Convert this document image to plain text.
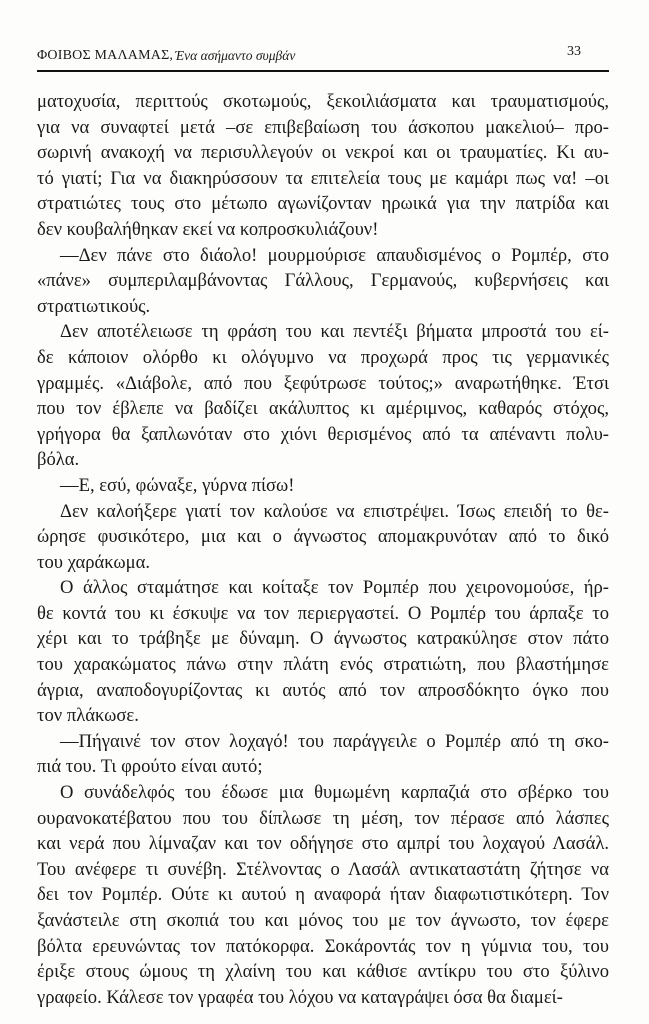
ΦΟΙΒΟΣ ΜΑΛΑΜΑΣ, Ένα ασήμαντο συμβάν	33
ματοχυσία, περιττούς σκοτωμούς, ξεκοιλιάσματα και τραυματισμούς,
για να συναφτεί μετά –σε επιβεβαίωση του άσκοπου μακελιού– προ-
σωρινή ανακοχή να περισυλλεγούν οι νεκροί και οι τραυματίες. Κι αυ-
τό γιατί; Για να διακηρύσσουν τα επιτελεία τους με καμάρι πως να! –οι
στρατιώτες τους στο μέτωπο αγωνίζονταν ηρωικά για την πατρίδα και
δεν κουβαλήθηκαν εκεί να κοπροσκυλιάζουν!
—Δεν πάνε στο διάολο! μουρμούρισε απαυδισμένος ο Ρομπέρ, στο
«πάνε» συμπεριλαμβάνοντας Γάλλους, Γερμανούς, κυβερνήσεις και
στρατιωτικούς.
Δεν αποτέλειωσε τη φράση του και πεντέξι βήματα μπροστά του εί-
δε κάποιον ολόρθο κι ολόγυμνο να προχωρά προς τις γερμανικές
γραμμές. «Διάβολε, από που ξεφύτρωσε τούτος;» αναρωτήθηκε. Έτσι
που τον έβλεπε να βαδίζει ακάλυπτος κι αμέριμνος, καθαρός στόχος,
γρήγορα θα ξαπλωνόταν στο χιόνι θερισμένος από τα απέναντι πολυ-
βόλα.
—Ε, εσύ, φώναξε, γύρνα πίσω!
Δεν καλοήξερε γιατί τον καλούσε να επιστρέψει. Ίσως επειδή το θε-
ώρησε φυσικότερο, μια και ο άγνωστος απομακρυνόταν από το δικό
του χαράκωμα.
Ο άλλος σταμάτησε και κοίταξε τον Ρομπέρ που χειρονομούσε, ήρ-
θε κοντά του κι έσκυψε να τον περιεργαστεί. Ο Ρομπέρ του άρπαξε το
χέρι και το τράβηξε με δύναμη. Ο άγνωστος κατρακύλησε στον πάτο
του χαρακώματος πάνω στην πλάτη ενός στρατιώτη, που βλαστήμησε
άγρια, αναποδογυρίζοντας κι αυτός από τον απροσδόκητο όγκο που
τον πλάκωσε.
—Πήγαινέ τον στον λοχαγό! του παράγγειλε ο Ρομπέρ από τη σκο-
πιά του. Τι φρούτο είναι αυτό;
Ο συνάδελφός του έδωσε μια θυμωμένη καρπαζιά στο σβέρκο του
ουρανοκατέβατου που του δίπλωσε τη μέση, τον πέρασε από λάσπες
και νερά που λίμναζαν και τον οδήγησε στο αμπρί του λοχαγού Λασάλ.
Του ανέφερε τι συνέβη. Στέλνοντας ο Λασάλ αντικαταστάτη ζήτησε να
δει τον Ρομπέρ. Ούτε κι αυτού η αναφορά ήταν διαφωτιστικότερη. Τον
ξανάστειλε στη σκοπιά του και μόνος του με τον άγνωστο, τον έφερε
βόλτα ερευνώντας τον πατόκορφα. Σοκάροντάς τον η γύμνια του, του
έριξε στους ώμους τη χλαίνη του και κάθισε αντίκρυ του στο ξύλινο
γραφείο. Κάλεσε τον γραφέα του λόχου να καταγράψει όσα θα διαμεί-
